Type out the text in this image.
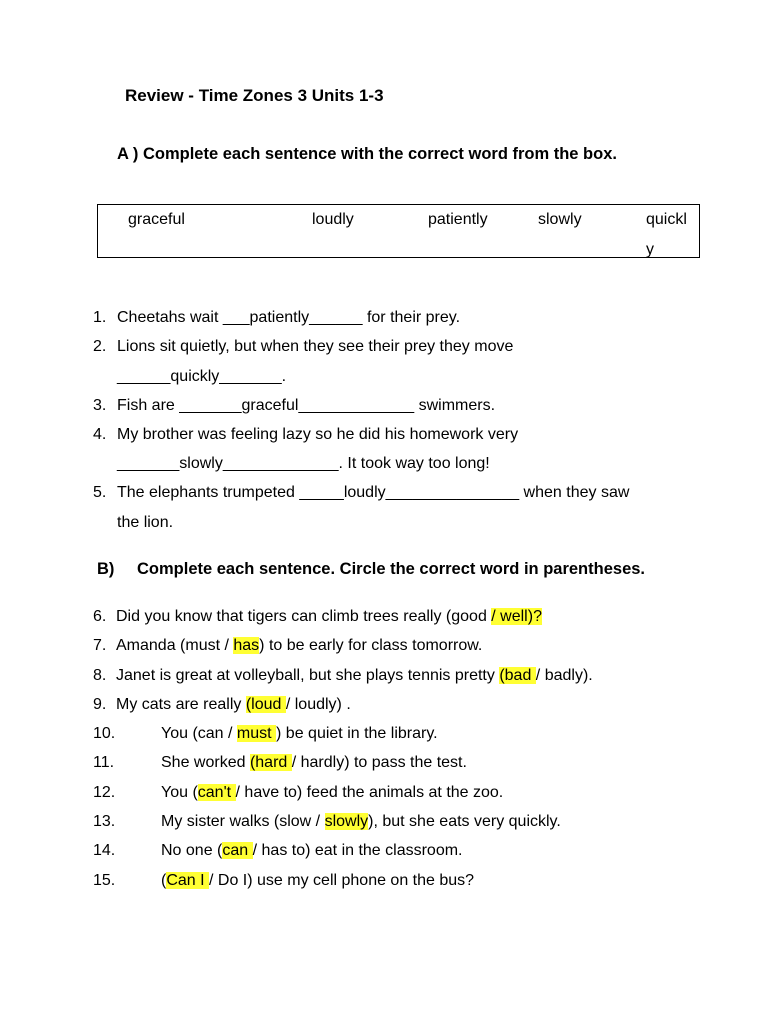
Review - Time Zones 3 Units 1-3
A ) Complete each sentence with the correct word from the box.
graceful	loudly	patiently	slowly	quickl
y
1. Cheetahs wait ___patiently______ for their prey.
2. Lions sit quietly, but when they see their prey they move
______quickly_______.
3. Fish are _______graceful_____________ swimmers.
4. My brother was feeling lazy so he did his homework very
_______slowly_____________. It took way too long!
5. The elephants trumpeted _____loudly_______________ when they saw
the lion.
B) Complete each sentence. Circle the correct word in parentheses.
6. Did you know that tigers can climb trees really (good / well)?
7. Amanda (must / has) to be early for class tomorrow.
8. Janet is great at volleyball, but she plays tennis pretty (bad / badly).
9. My cats are really (loud / loudly) .
10.	You (can / must ) be quiet in the library.
11.	She worked (hard / hardly) to pass the test.
12.	You (can't / have to) feed the animals at the zoo.
13.	My sister walks (slow / slowly), but she eats very quickly.
14.	No one (can / has to) eat in the classroom.
15.	(Can I / Do I) use my cell phone on the bus?
